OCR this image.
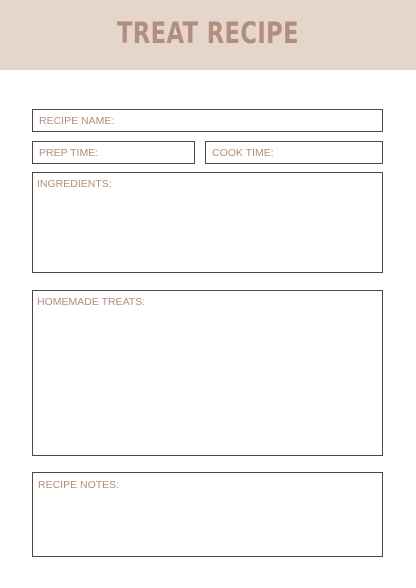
TREAT RECIPE
RECIPE NAME:
PREP TIME:	COOK TIME:
INGREDIENTS:
HOMEMADE TREATS:
RECIPE NOTES:
